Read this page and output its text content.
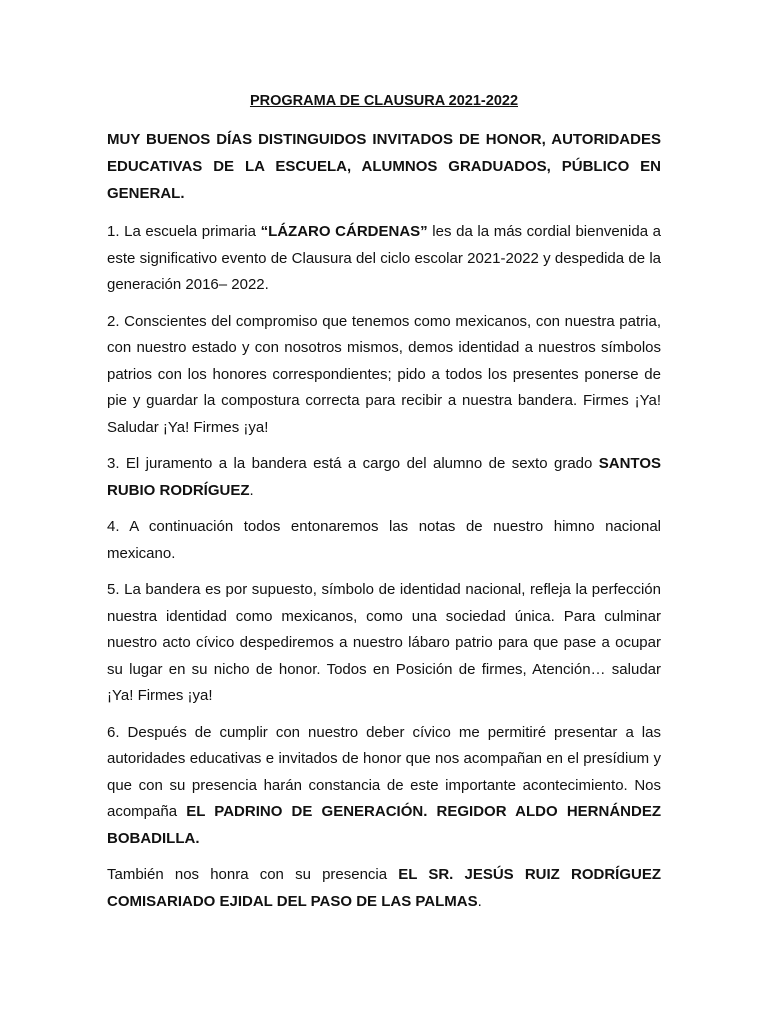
PROGRAMA DE CLAUSURA 2021-2022
MUY BUENOS DÍAS DISTINGUIDOS INVITADOS DE HONOR, AUTORIDADES EDUCATIVAS DE LA ESCUELA, ALUMNOS GRADUADOS, PÚBLICO EN GENERAL.

1. La escuela primaria “LÁZARO CÁRDENAS” les da la más cordial bienvenida a este significativo evento de Clausura del ciclo escolar 2021-2022 y despedida de la generación 2016– 2022.

2. Conscientes del compromiso que tenemos como mexicanos, con nuestra patria, con nuestro estado y con nosotros mismos, demos identidad a nuestros símbolos patrios con los honores correspondientes; pido a todos los presentes ponerse de pie y guardar la compostura correcta para recibir a nuestra bandera. Firmes ¡Ya! Saludar ¡Ya! Firmes ¡ya!

3. El juramento a la bandera está a cargo del alumno de sexto grado SANTOS RUBIO RODRÍGUEZ.

4. A continuación todos entonaremos las notas de nuestro himno nacional mexicano.

5. La bandera es por supuesto, símbolo de identidad nacional, refleja la perfección nuestra identidad como mexicanos, como una sociedad única. Para culminar nuestro acto cívico despediremos a nuestro lábaro patrio para que pase a ocupar su lugar en su nicho de honor. Todos en Posición de firmes, Atención… saludar ¡Ya! Firmes ¡ya!

6. Después de cumplir con nuestro deber cívico me permitiré presentar a las autoridades educativas e invitados de honor que nos acompañan en el presídium y que con su presencia harán constancia de este importante acontecimiento. Nos acompaña EL PADRINO DE GENERACIÓN. REGIDOR ALDO HERNÁNDEZ BOBADILLA.

También nos honra con su presencia EL SR. JESÚS RUIZ RODRÍGUEZ COMISARIADO EJIDAL DEL PASO DE LAS PALMAS.
